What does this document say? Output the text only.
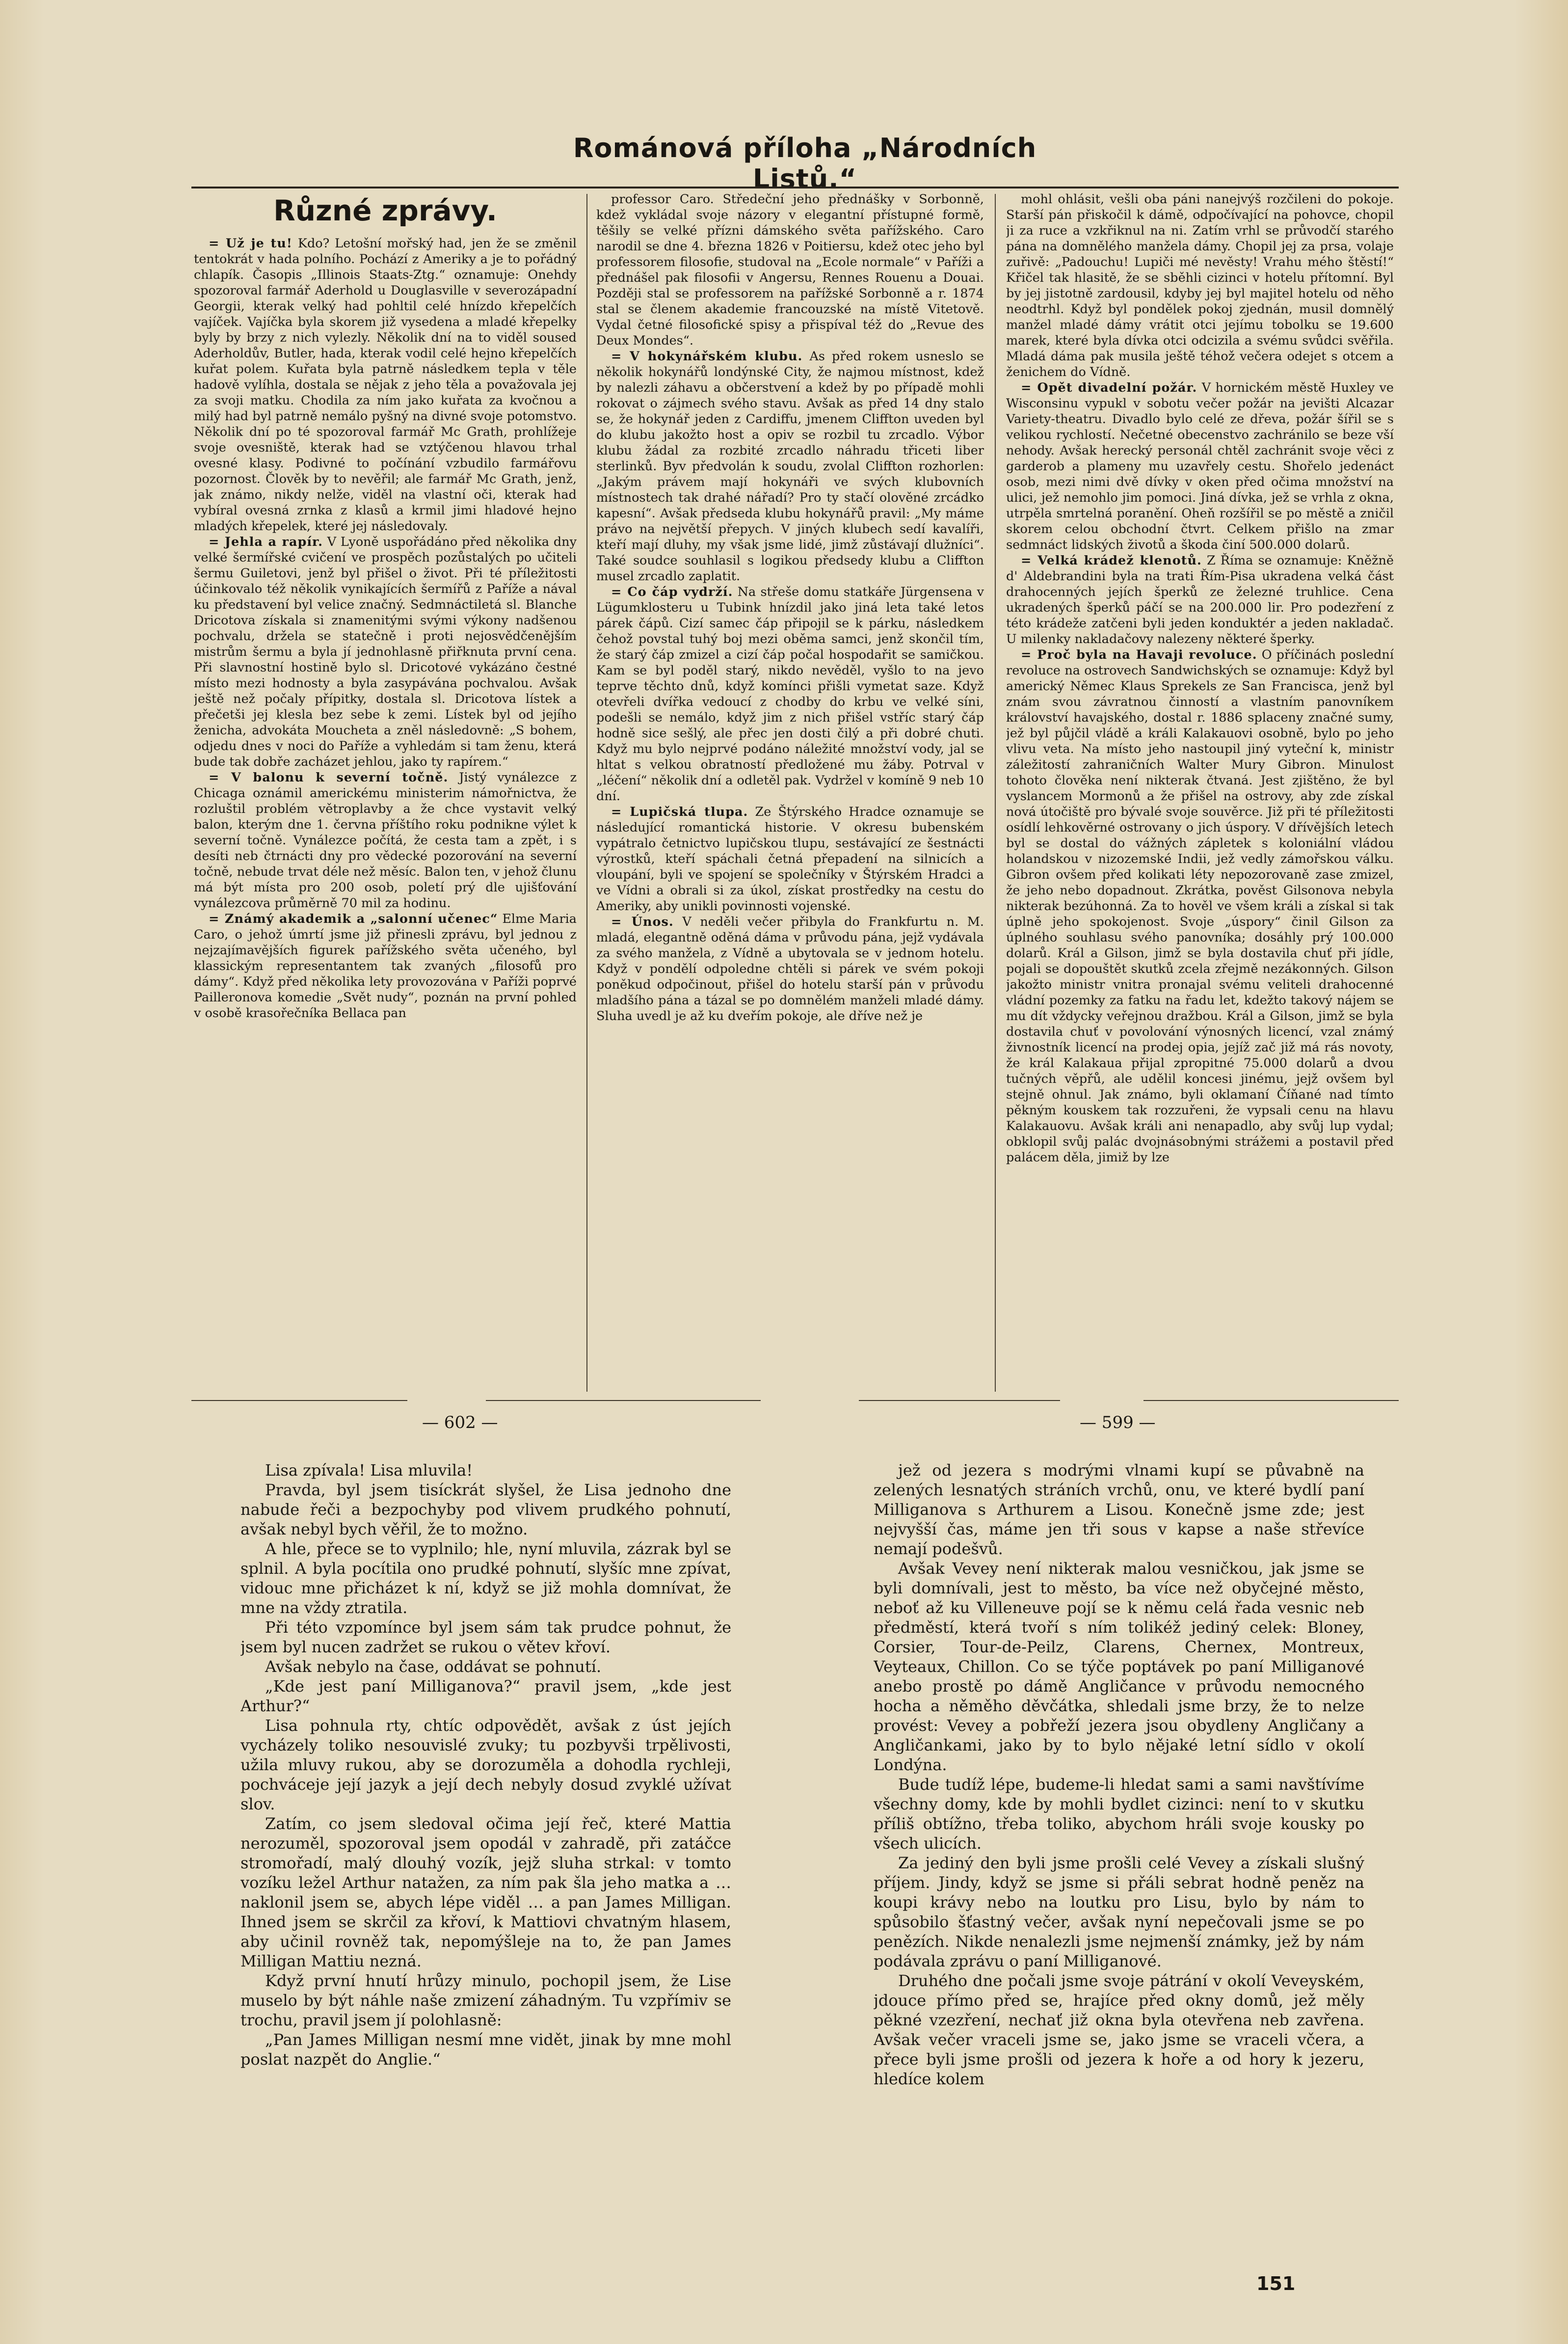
Románová příloha „Národních Listů.“
Různé zprávy.

= Už je tu! Kdo? Letošní mořský had, jen že se změnil tentokrát v hada polního. Pochází z Ameriky a je to pořádný chlapík. Časopis „Illinois Staats-Ztg.“ oznamuje: Onehdy spozoroval farmář Aderhold u Douglasville v severozápadní Georgii, kterak velký had pohltil celé hnízdo křepelčích vajíček. Vajíčka byla skorem již vysedena a mladé křepelky byly by brzy z nich vylezly. Několik dní na to viděl soused Aderholdův, Butler, hada, kterak vodil celé hejno křepelčích kuřat polem. Kuřata byla patrně následkem tepla v těle hadově vylíhla, dostala se nějak z jeho těla a považovala jej za svoji matku. Chodila za ním jako kuřata za kvočnou a milý had byl patrně nemálo pyšný na divné svoje potomstvo. Několik dní po té spozoroval farmář Mc Grath, prohlížeje svoje ovesniště, kterak had se vztýčenou hlavou trhal ovesné klasy. Podivné to počínání vzbudilo farmářovu pozornost. Člověk by to nevěřil; ale farmář Mc Grath, jenž, jak známo, nikdy nelže, viděl na vlastní oči, kterak had vybíral ovesná zrnka z klasů a krmil jimi hladové hejno mladých křepelek, které jej následovaly.

= Jehla a rapír. V Lyoně uspořádáno před několika dny velké šermířské cvičení ve prospěch pozůstalých po učiteli šermu Guiletovi, jenž byl přišel o život. Při té příležitosti účinkovalo též několik vynikajících šermířů z Paříže a nával ku představení byl velice značný. Sedmnáctiletá sl. Blanche Dricotova získala si znamenitými svými výkony nadšenou pochvalu, držela se statečně i proti nejosvědčenějším mistrům šermu a byla jí jednohlasně přiřknuta první cena. Při slavnostní hostině bylo sl. Dricotové vykázáno čestné místo mezi hodnosty a byla zasypávána pochvalou. Avšak ještě než počaly přípitky, dostala sl. Dricotova lístek a přečetši jej klesla bez sebe k zemi. Lístek byl od jejího ženicha, advokáta Moucheta a zněl následovně: „S bohem, odjedu dnes v noci do Paříže a vyhledám si tam ženu, která bude tak dobře zacházet jehlou, jako ty rapírem.“

= V balonu k severní točně. Jistý vynálezce z Chicaga oznámil americkému ministerim námořnictva, že rozluštil problém větroplavby a že chce vystavit velký balon, kterým dne 1. června příštího roku podnikne výlet k severní točně. Vynálezce počítá, že cesta tam a zpět, i s desíti neb čtrnácti dny pro vědecké pozorování na severní točně, nebude trvat déle než měsíc. Balon ten, v jehož člunu má být místa pro 200 osob, poletí prý dle ujišťování vynálezcova průměrně 70 mil za hodinu.

= Známý akademik a „salonní učenec“ Elme Maria Caro, o jehož úmrtí jsme již přinesli zprávu, byl jednou z nejzajímavějších figurek pařížského světa učeného, byl klassickým representantem tak zvaných „filosofů pro dámy“. Když před několika lety provozována v Paříži poprvé Pailleronova komedie „Svět nudy“, poznán na první pohled v osobě krasořečníka Bellaca pan

professor Caro. Středeční jeho přednášky v Sorbonně, kdež vykládal svoje názory v elegantní přístupné formě, těšily se velké přízni dámského světa pařížského. Caro narodil se dne 4. března 1826 v Poitiersu, kdež otec jeho byl professorem filosofie, studoval na „Ecole normale“ v Paříži a přednášel pak filosofii v Angersu, Rennes Rouenu a Douai. Později stal se professorem na pařížské Sorbonně a r. 1874 stal se členem akademie francouzské na místě Vitetově. Vydal četné filosofické spisy a přispíval též do „Revue des Deux Mondes“.

= V hokynářském klubu. As před rokem usneslo se několik hokynářů londýnské City, že najmou místnost, kdež by nalezli záhavu a občerstvení a kdež by po případě mohli rokovat o zájmech svého stavu. Avšak as před 14 dny stalo se, že hokynář jeden z Cardiffu, jmenem Cliffton uveden byl do klubu jakožto host a opiv se rozbil tu zrcadlo. Výbor klubu žádal za rozbité zrcadlo náhradu třiceti liber sterlinků. Byv předvolán k soudu, zvolal Cliffton rozhorlen: „Jakým právem mají hokynáři ve svých klubovních místnostech tak drahé nářadí? Pro ty stačí olověné zrcádko kapesní“. Avšak předseda klubu hokynářů pravil: „My máme právo na největší přepych. V jiných klubech sedí kavalíři, kteří mají dluhy, my však jsme lidé, jimž zůstávají dlužníci“. Také soudce souhlasil s logikou předsedy klubu a Cliffton musel zrcadlo zaplatit.

= Co čáp vydrží. Na střeše domu statkáře Jürgensena v Lügumklosteru u Tubink hnízdil jako jiná leta také letos párek čápů. Cizí samec čáp připojil se k párku, následkem čehož povstal tuhý boj mezi oběma samci, jenž skončil tím, že starý čáp zmizel a cizí čáp počal hospodařit se samičkou. Kam se byl poděl starý, nikdo nevěděl, vyšlo to na jevo teprve těchto dnů, když komínci přišli vymetat saze. Když otevřeli dvířka vedoucí z chodby do krbu ve velké síni, podešli se nemálo, když jim z nich přišel vstříc starý čáp hodně sice sešlý, ale přec jen dosti čilý a při dobré chuti. Když mu bylo nejprvé podáno náležité množství vody, jal se hltat s velkou obratností předložené mu žáby. Potrval v „léčení“ několik dní a odletěl pak. Vydržel v komíně 9 neb 10 dní.

= Lupičská tlupa. Ze Štýrského Hradce oznamuje se následující romantická historie. V okresu bubenském vypátralo četnictvo lupičskou tlupu, sestávající ze šestnácti výrostků, kteří spáchali četná přepadení na silnicích a vloupání, byli ve spojení se společníky v Štýrském Hradci a ve Vídni a obrali si za úkol, získat prostředky na cestu do Ameriky, aby unikli povinnosti vojenské.

= Únos. V neděli večer přibyla do Frankfurtu n. M. mladá, elegantně oděná dáma v průvodu pána, jejž vydávala za svého manžela, z Vídně a ubytovala se v jednom hotelu. Když v pondělí odpoledne chtěli si párek ve svém pokoji poněkud odpočinout, přišel do hotelu starší pán v průvodu mladšího pána a tázal se po domnělém manželi mladé dámy. Sluha uvedl je až ku dveřím pokoje, ale dříve než je

mohl ohlásit, vešli oba páni nanejvýš rozčileni do pokoje. Starší pán přiskočil k dámě, odpočívající na pohovce, chopil ji za ruce a vzkřiknul na ni. Zatím vrhl se průvodčí starého pána na domnělého manžela dámy. Chopil jej za prsa, volaje zuřivě: „Padouchu! Lupiči mé nevěsty! Vrahu mého štěstí!“ Křičel tak hlasitě, že se sběhli cizinci v hotelu přítomní. Byl by jej jistotně zardousil, kdyby jej byl majitel hotelu od něho neodtrhl. Když byl pondělek pokoj zjednán, musil domnělý manžel mladé dámy vrátit otci jejímu tobolku se 19.600 marek, které byla dívka otci odcizila a svému svůdci svěřila. Mladá dáma pak musila ještě téhož večera odejet s otcem a ženichem do Vídně.

= Opět divadelní požár. V hornickém městě Huxley ve Wisconsinu vypukl v sobotu večer požár na jevišti Alcazar Variety-theatru. Divadlo bylo celé ze dřeva, požár šířil se s velikou rychlostí. Nečetné obecenstvo zachránilo se beze vší nehody. Avšak herecký personál chtěl zachránit svoje věci z garderob a plameny mu uzavřely cestu. Shořelo jedenáct osob, mezi nimi dvě dívky v oken před očima množství na ulici, jež nemohlo jim pomoci. Jiná dívka, jež se vrhla z okna, utrpěla smrtelná poranění. Oheň rozšířil se po městě a zničil skorem celou obchodní čtvrt. Celkem přišlo na zmar sedmnáct lidských životů a škoda činí 500.000 dolarů.

= Velká krádež klenotů. Z Říma se oznamuje: Kněžně d' Aldebrandini byla na trati Řím-Pisa ukradena velká část drahocenných jejích šperků ze železné truhlice. Cena ukradených šperků páčí se na 200.000 lir. Pro podezření z této krádeže zatčeni byli jeden konduktér a jeden nakladač. U milenky nakladačovy nalezeny některé šperky.

= Proč byla na Havaji revoluce. O příčinách poslední revoluce na ostrovech Sandwichských se oznamuje: Když byl americký Němec Klaus Sprekels ze San Francisca, jenž byl znám svou závratnou činností a vlastním panovníkem království havajského, dostal r. 1886 splaceny značné sumy, jež byl půjčil vládě a králi Kalakauovi osobně, bylo po jeho vlivu veta. Na místo jeho nastoupil jiný vyteční k, ministr záležitostí zahraničních Walter Mury Gibron. Minulost tohoto člověka není nikterak čtvaná. Jest zjištěno, že byl vyslancem Mormonů a že přišel na ostrovy, aby zde získal nová útočiště pro bývalé svoje souvěrce. Již při té příležitosti osídlí lehkověrné ostrovany o jich úspory. V dřívějších letech byl se dostal do vážných zápletek s koloniální vládou holandskou v nizozemské Indii, jež vedly zámořskou válku. Gibron ovšem před kolikati léty nepozorovaně zase zmizel, že jeho nebo dopadnout. Zkrátka, pověst Gilsonova nebyla nikterak bezúhonná. Za to hověl ve všem králi a získal si tak úplně jeho spokojenost. Svoje „úspory“ činil Gilson za úplného souhlasu svého panovníka; dosáhly prý 100.000 dolarů. Král a Gilson, jimž se byla dostavila chuť při jídle, pojali se dopouštět skutků zcela zřejmě nezákonných. Gilson jakožto ministr vnitra pronajal svému veliteli drahocenné vládní pozemky za fatku na řadu let, kdežto takový nájem se mu dít vždycky veřejnou dražbou. Král a Gilson, jimž se byla dostavila chuť v povolování výnosných licencí, vzal známý živnostník licencí na prodej opia, jejíž zač již má rás novoty, že král Kalakaua přijal zpropitné 75.000 dolarů a dvou tučných věpřů, ale udělil koncesi jinému, jejž ovšem byl stejně ohnul. Jak známo, byli oklamaní Číňané nad tímto pěkným kouskem tak rozzuřeni, že vypsali cenu na hlavu Kalakauovu. Avšak králi ani nenapadlo, aby svůj lup vydal; obklopil svůj palác dvojnásobnými strážemi a postavil před palácem děla, jimiž by lze

— 602 —	— 599 —

Lisa zpívala! Lisa mluvila!

Pravda, byl jsem tisíckrát slyšel, že Lisa jednoho dne nabude řeči a bezpochyby pod vlivem prudkého pohnutí, avšak nebyl bych věřil, že to možno.

A hle, přece se to vyplnilo; hle, nyní mluvila, zázrak byl se splnil. A byla pocítila ono prudké pohnutí, slyšíc mne zpívat, vidouc mne přicházet k ní, když se již mohla domnívat, že mne na vždy ztratila.

Při této vzpomínce byl jsem sám tak prudce pohnut, že jsem byl nucen zadržet se rukou o větev křoví.

Avšak nebylo na čase, oddávat se pohnutí.

„Kde jest paní Milliganova?“ pravil jsem, „kde jest Arthur?“

Lisa pohnula rty, chtíc odpovědět, avšak z úst jejích vycházely toliko nesouvislé zvuky; tu pozbyvši trpělivosti, užila mluvy rukou, aby se dorozuměla a dohodla rychleji, pochváceje její jazyk a její dech nebyly dosud zvyklé užívat slov.

Zatím, co jsem sledoval očima její řeč, které Mattia nerozuměl, spozoroval jsem opodál v zahradě, při zatáčce stromořadí, malý dlouhý vozík, jejž sluha strkal: v tomto vozíku ležel Arthur natažen, za ním pak šla jeho matka a … naklonil jsem se, abych lépe viděl … a pan James Milligan. Ihned jsem se skrčil za křoví, k Mattiovi chvatným hlasem, aby učinil rovněž tak, nepomýšleje na to, že pan James Milligan Mattiu nezná.

Když první hnutí hrůzy minulo, pochopil jsem, že Lise muselo by být náhle naše zmizení záhadným. Tu vzpřímiv se trochu, pravil jsem jí polohlasně:

„Pan James Milligan nesmí mne vidět, jinak by mne mohl poslat nazpět do Anglie.“

jež od jezera s modrými vlnami kupí se půvabně na zelených lesnatých stráních vrchů, onu, ve které bydlí paní Milliganova s Arthurem a Lisou. Konečně jsme zde; jest nejvyšší čas, máme jen tři sous v kapse a naše střevíce nemají podešvů.

Avšak Vevey není nikterak malou vesničkou, jak jsme se byli domnívali, jest to město, ba více než obyčejné město, neboť až ku Villeneuve pojí se k němu celá řada vesnic neb předměstí, která tvoří s ním tolikéž jediný celek: Bloney, Corsier, Tour-de-Peilz, Clarens, Chernex, Montreux, Veyteaux, Chillon. Co se týče poptávek po paní Milliganové anebo prostě po dámě Angličance v průvodu nemocného hocha a něměho děvčátka, shledali jsme brzy, že to nelze provést: Vevey a pobřeží jezera jsou obydleny Angličany a Angličankami, jako by to bylo nějaké letní sídlo v okolí Londýna.

Bude tudíž lépe, budeme-li hledat sami a sami navštívíme všechny domy, kde by mohli bydlet cizinci: není to v skutku příliš obtížno, třeba toliko, abychom hráli svoje kousky po všech ulicích.

Za jediný den byli jsme prošli celé Vevey a získali slušný příjem. Jindy, když se jsme si přáli sebrat hodně peněz na koupi krávy nebo na loutku pro Lisu, bylo by nám to spůsobilo šťastný večer, avšak nyní nepečovali jsme se po penězích. Nikde nenalezli jsme nejmenší známky, jež by nám podávala zprávu o paní Milliganové.

Druhého dne počali jsme svoje pátrání v okolí Veveyském, jdouce přímo před se, hrajíce před okny domů, jež měly pěkné vzezření, nechať již okna byla otevřena neb zavřena. Avšak večer vraceli jsme se, jako jsme se vraceli včera, a přece byli jsme prošli od jezera k hoře a od hory k jezeru, hledíce kolem

151
